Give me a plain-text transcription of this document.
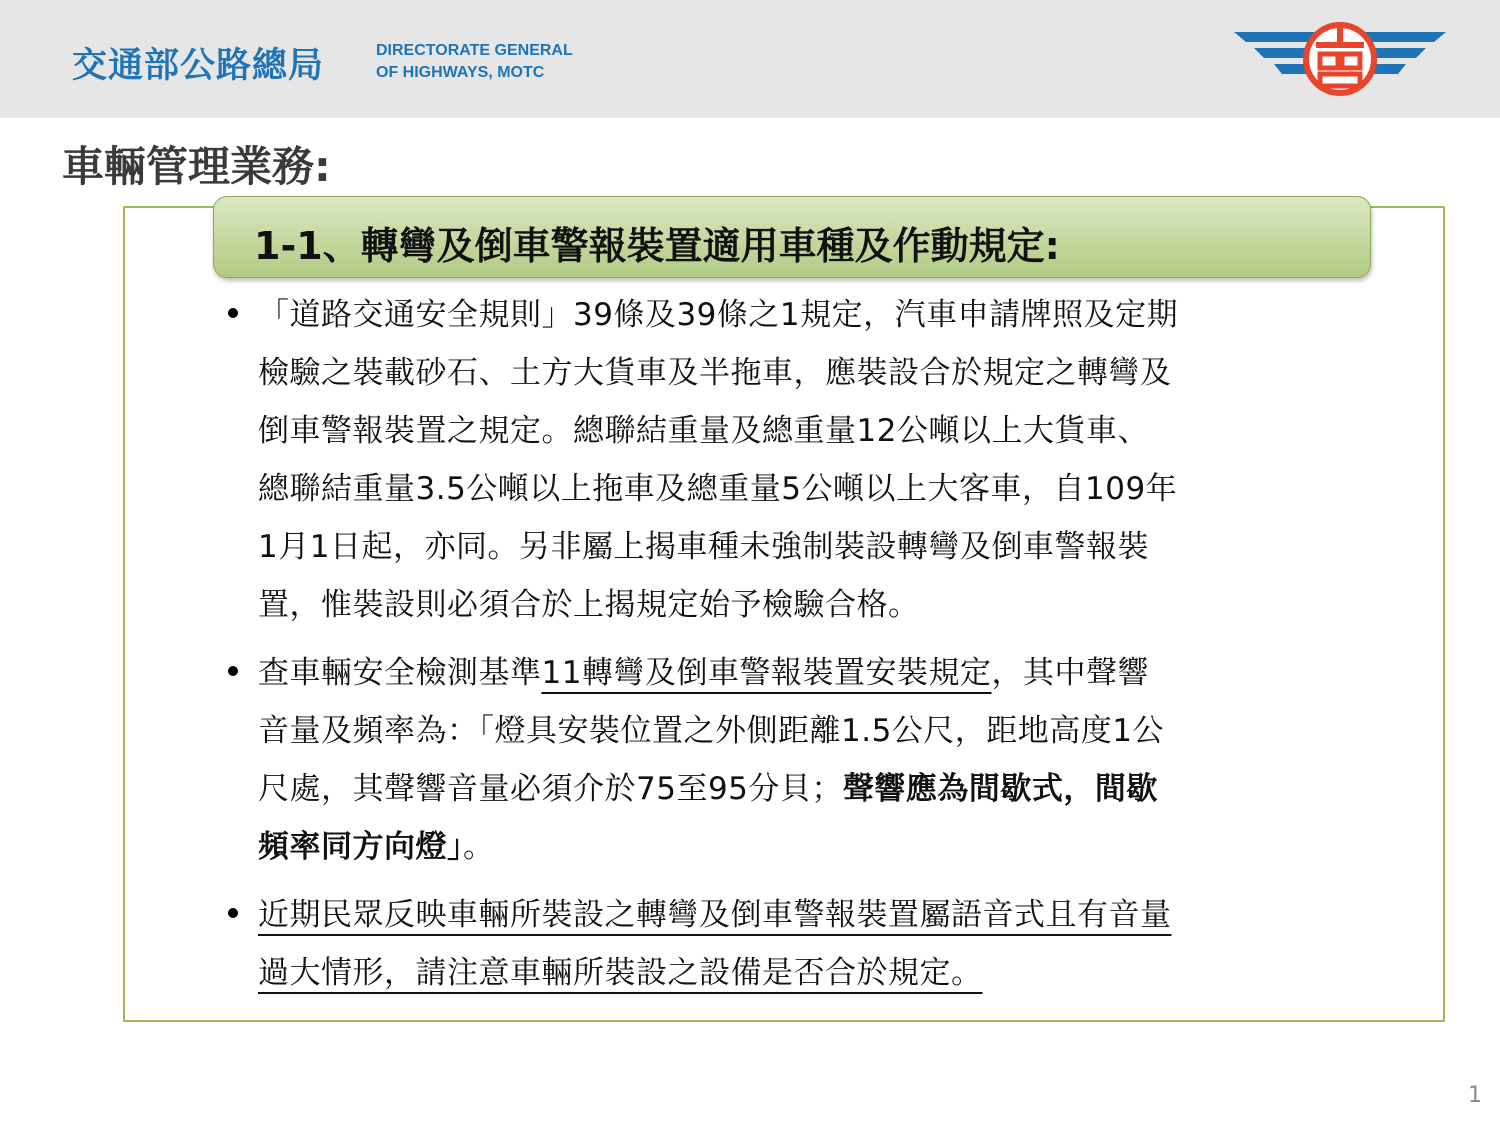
交通部公路總局	DIRECTORATE GENERAL
OF HIGHWAYS, MOTC
車輛管理業務:
1-1、轉彎及倒車警報裝置適用車種及作動規定:
「道路交通安全規則」39條及39條之1規定，汽車申請牌照及定期
檢驗之裝載砂石、土方大貨車及半拖車，應裝設合於規定之轉彎及
倒車警報裝置之規定。總聯結重量及總重量12公噸以上大貨車、
總聯結重量3.5公噸以上拖車及總重量5公噸以上大客車，自109年
1月1日起，亦同。另非屬上揭車種未強制裝設轉彎及倒車警報裝
置，惟裝設則必須合於上揭規定始予檢驗合格。
查車輛安全檢測基準11轉彎及倒車警報裝置安裝規定，其中聲響
音量及頻率為：「燈具安裝位置之外側距離1.5公尺，距地高度1公
尺處，其聲響音量必須介於75至95分貝；聲響應為間歇式，間歇
頻率同方向燈」。
近期民眾反映車輛所裝設之轉彎及倒車警報裝置屬語音式且有音量
過大情形，請注意車輛所裝設之設備是否合於規定。
1
